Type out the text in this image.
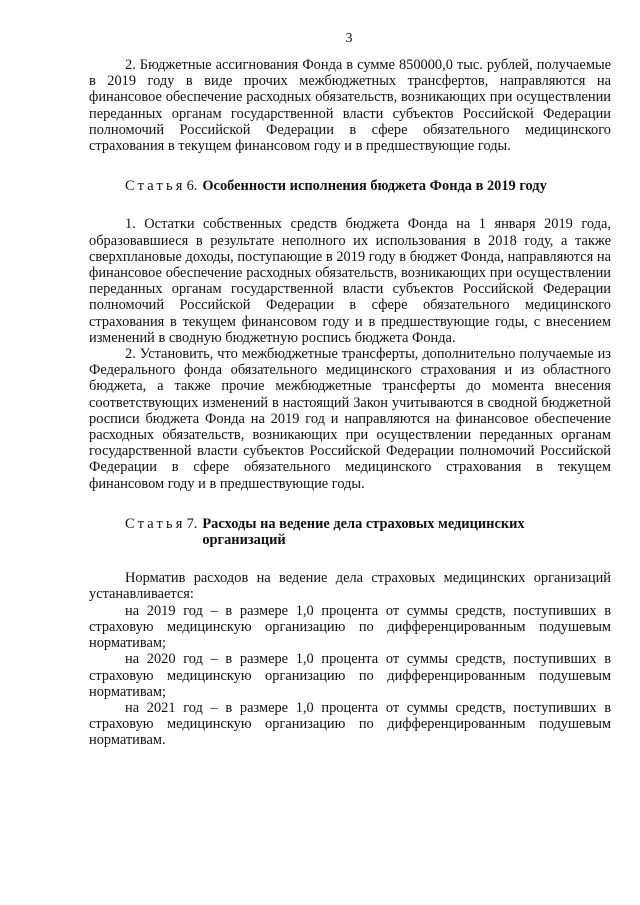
3

2. Бюджетные ассигнования Фонда в сумме 850000,0 тыс. рублей, получаемые в 2019 году в виде прочих межбюджетных трансфертов, направляются на финансовое обеспечение расходных обязательств, возникающих при осуществлении переданных органам государственной власти субъектов Российской Федерации полномочий Российской Федерации в сфере обязательного медицинского страхования в текущем финансовом году и в предшествующие годы.

Статья 6. Особенности исполнения бюджета Фонда в 2019 году

1. Остатки собственных средств бюджета Фонда на 1 января 2019 года, образовавшиеся в результате неполного их использования в 2018 году, а также сверхплановые доходы, поступающие в 2019 году в бюджет Фонда, направляются на финансовое обеспечение расходных обязательств, возникающих при осуществлении переданных органам государственной власти субъектов Российской Федерации полномочий Российской Федерации в сфере обязательного медицинского страхования в текущем финансовом году и в предшествующие годы, с внесением изменений в сводную бюджетную роспись бюджета Фонда.

2. Установить, что межбюджетные трансферты, дополнительно получаемые из Федерального фонда обязательного медицинского страхования и из областного бюджета, а также прочие межбюджетные трансферты до момента внесения соответствующих изменений в настоящий Закон учитываются в сводной бюджетной росписи бюджета Фонда на 2019 год и направляются на финансовое обеспечение расходных обязательств, возникающих при осуществлении переданных органам государственной власти субъектов Российской Федерации полномочий Российской Федерации в сфере обязательного медицинского страхования в текущем финансовом году и в предшествующие годы.

Статья 7. Расходы на ведение дела страховых медицинских
организаций

Норматив расходов на ведение дела страховых медицинских организаций устанавливается:

на 2019 год – в размере 1,0 процента от суммы средств, поступивших в страховую медицинскую организацию по дифференцированным подушевым нормативам;

на 2020 год – в размере 1,0 процента от суммы средств, поступивших в страховую медицинскую организацию по дифференцированным подушевым нормативам;

на 2021 год – в размере 1,0 процента от суммы средств, поступивших в страховую медицинскую организацию по дифференцированным подушевым нормативам.
